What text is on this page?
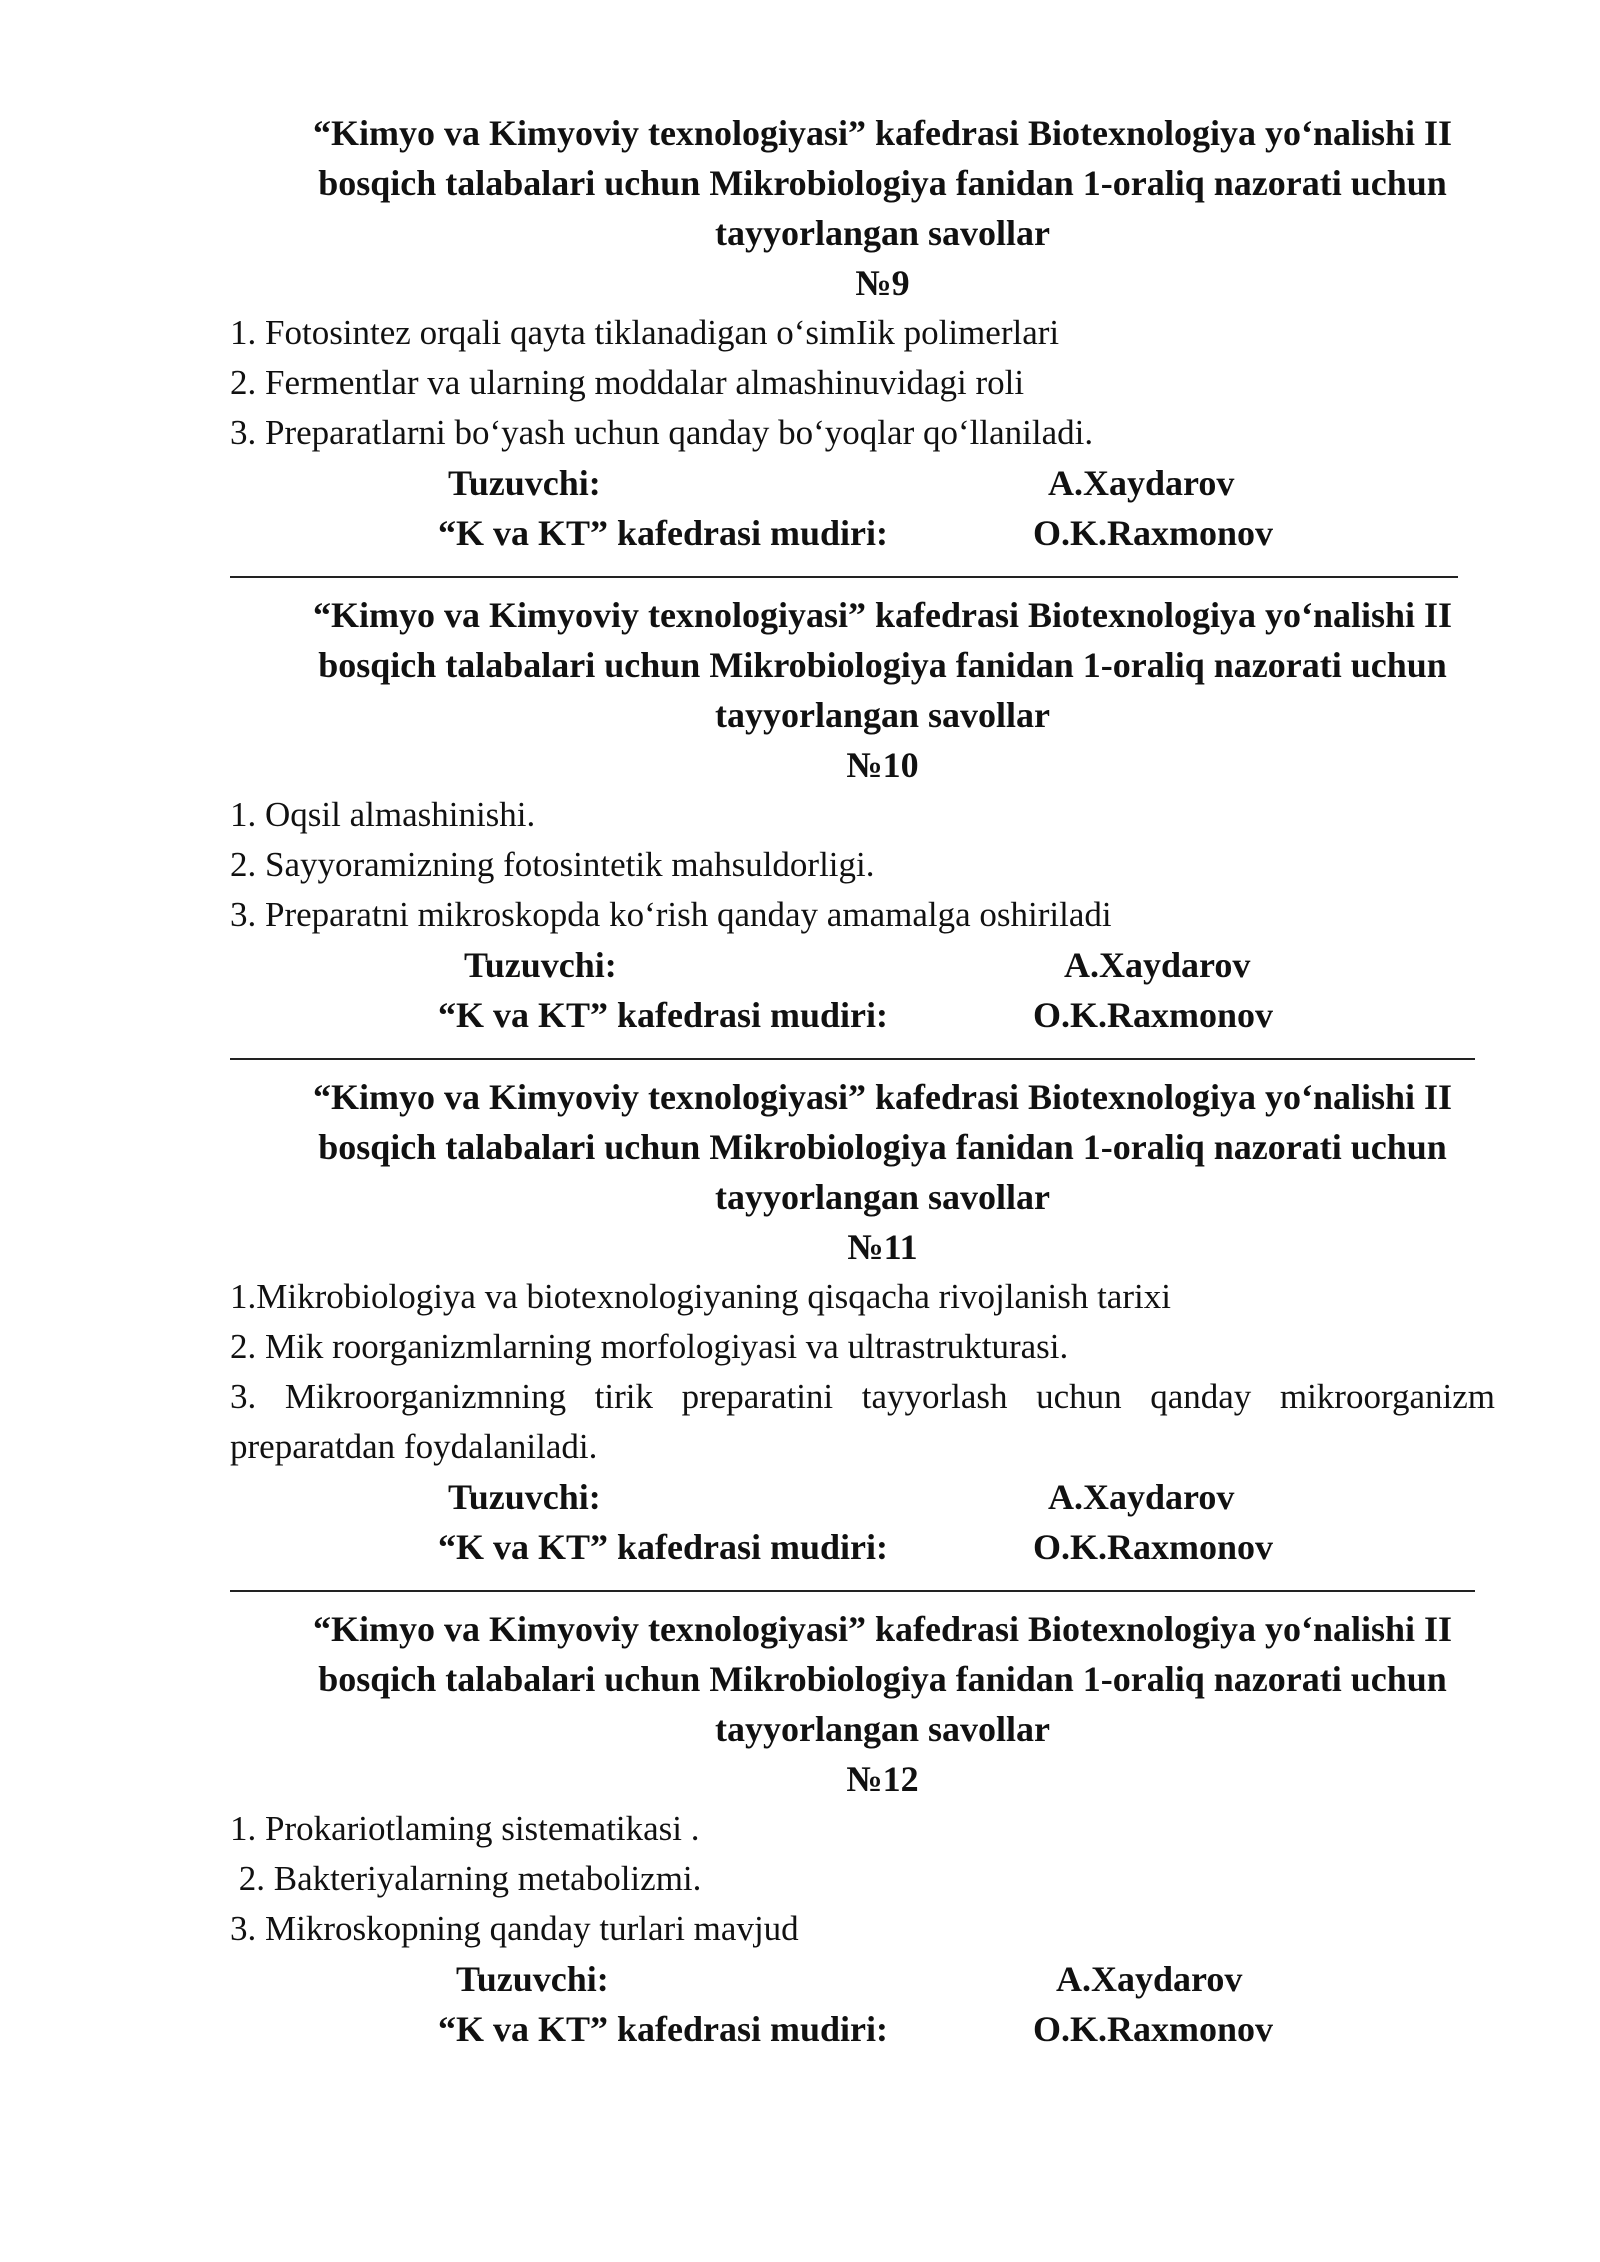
“Kimyo va Kimyoviy texnologiyasi” kafedrasi Biotexnologiya yo‘nalishi II bosqich talabalari uchun Mikrobiologiya fanidan 1-oraliq nazorati uchun tayyorlangan savollar

№9

1. Fotosintez orqali qayta tiklanadigan o‘simIik polimerlari
2. Fermentlar va ularning moddalar almashinuvidagi roli
3. Preparatlarni bo‘yash uchun qanday bo‘yoqlar qo‘llaniladi.
Tuzuvchi:	A.Xaydarov
“K va KT” kafedrasi mudiri:	O.K.Raxmonov

“Kimyo va Kimyoviy texnologiyasi” kafedrasi Biotexnologiya yo‘nalishi II bosqich talabalari uchun Mikrobiologiya fanidan 1-oraliq nazorati uchun tayyorlangan savollar

№10

1. Oqsil almashinishi.
2. Sayyoramizning fotosintetik mahsuldorligi.
3. Preparatni mikroskopda ko‘rish qanday amamalga oshiriladi
Tuzuvchi:	A.Xaydarov
“K va KT” kafedrasi mudiri:	O.K.Raxmonov

“Kimyo va Kimyoviy texnologiyasi” kafedrasi Biotexnologiya yo‘nalishi II bosqich talabalari uchun Mikrobiologiya fanidan 1-oraliq nazorati uchun tayyorlangan savollar

№11

1.Mikrobiologiya va biotexnologiyaning qisqacha rivojlanish tarixi
2. Mik roorganizmlarning morfologiyasi va ultrastrukturasi.
3. Mikroorganizmning tirik preparatini tayyorlash uchun qanday mikroorganizm preparatdan foydalaniladi.
Tuzuvchi:	A.Xaydarov
“K va KT” kafedrasi mudiri:	O.K.Raxmonov

“Kimyo va Kimyoviy texnologiyasi” kafedrasi Biotexnologiya yo‘nalishi II bosqich talabalari uchun Mikrobiologiya fanidan 1-oraliq nazorati uchun tayyorlangan savollar

№12

1. Prokariotlaming sistematikasi .
2. Bakteriyalarning metabolizmi.
3. Mikroskopning qanday turlari mavjud
Tuzuvchi:	A.Xaydarov
“K va KT” kafedrasi mudiri:	O.K.Raxmonov
